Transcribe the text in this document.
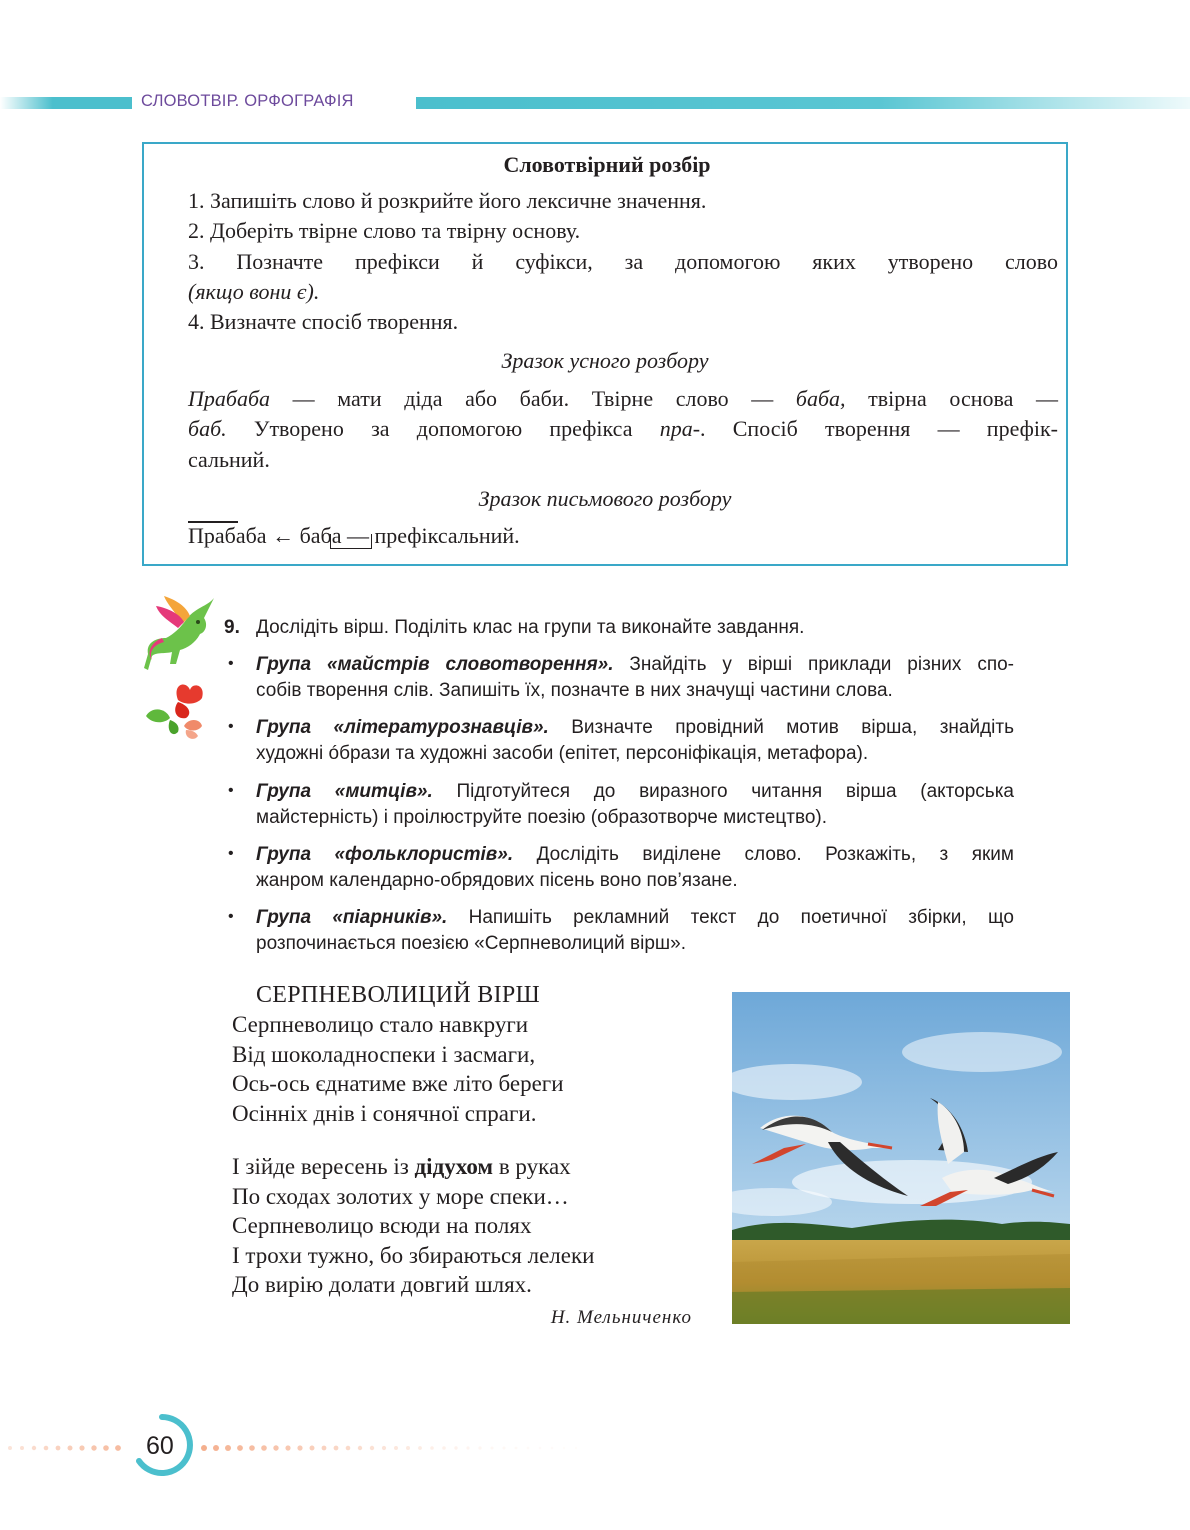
СЛОВОТВІР. ОРФОГРАФІЯ
Словотвірний розбір
1. Запишіть слово й розкрийте його лексичне значення.
2. Доберіть твірне слово та твірну основу.
3. Позначте префікси й суфікси, за допомогою яких утворено слово
(якщо вони є).
4. Визначте спосіб творення.
Зразок усного розбору
Прабаба — мати діда або баби. Твірне слово — баба, твірна основа —
баб. Утворено за допомогою префікса пра-. Спосіб творення — префік-
сальний.
Зразок письмового розбору
Прабаба ← баба — префіксальний.
9. Дослідіть вірш. Поділіть клас на групи та виконайте завдання.
• Група «майстрів словотворення». Знайдіть у вірші приклади різних спо-
собів творення слів. Запишіть їх, позначте в них значущі частини слова.
• Група «літературознавців». Визначте провідний мотив вірша, знайдіть
художні óбрази та художні засоби (епітет, персоніфікація, метафора).
• Група «митців». Підготуйтеся до виразного читання вірша (акторська
майстерність) і проілюструйте поезію (образотворче мистецтво).
• Група «фольклористів». Дослідіть виділене слово. Розкажіть, з яким
жанром календарно-обрядових пісень воно пов’язане.
• Група «піарників». Напишіть рекламний текст до поетичної збірки, що
розпочинається поезією «Серпневолиций вірш».
СЕРПНЕВОЛИЦИЙ ВІРШ
Серпневолицо стало навкруги
Від шоколадноспеки і засмаги,
Ось-ось єднатиме вже літо береги
Осінніх днів і сонячної спраги.
І зійде вересень із дідухом в руках
По сходах золотих у море спеки…
Серпневолицо всюди на полях
І трохи тужно, бо збираються лелеки
До вирію долати довгий шлях.
Н. Мельниченко
60
